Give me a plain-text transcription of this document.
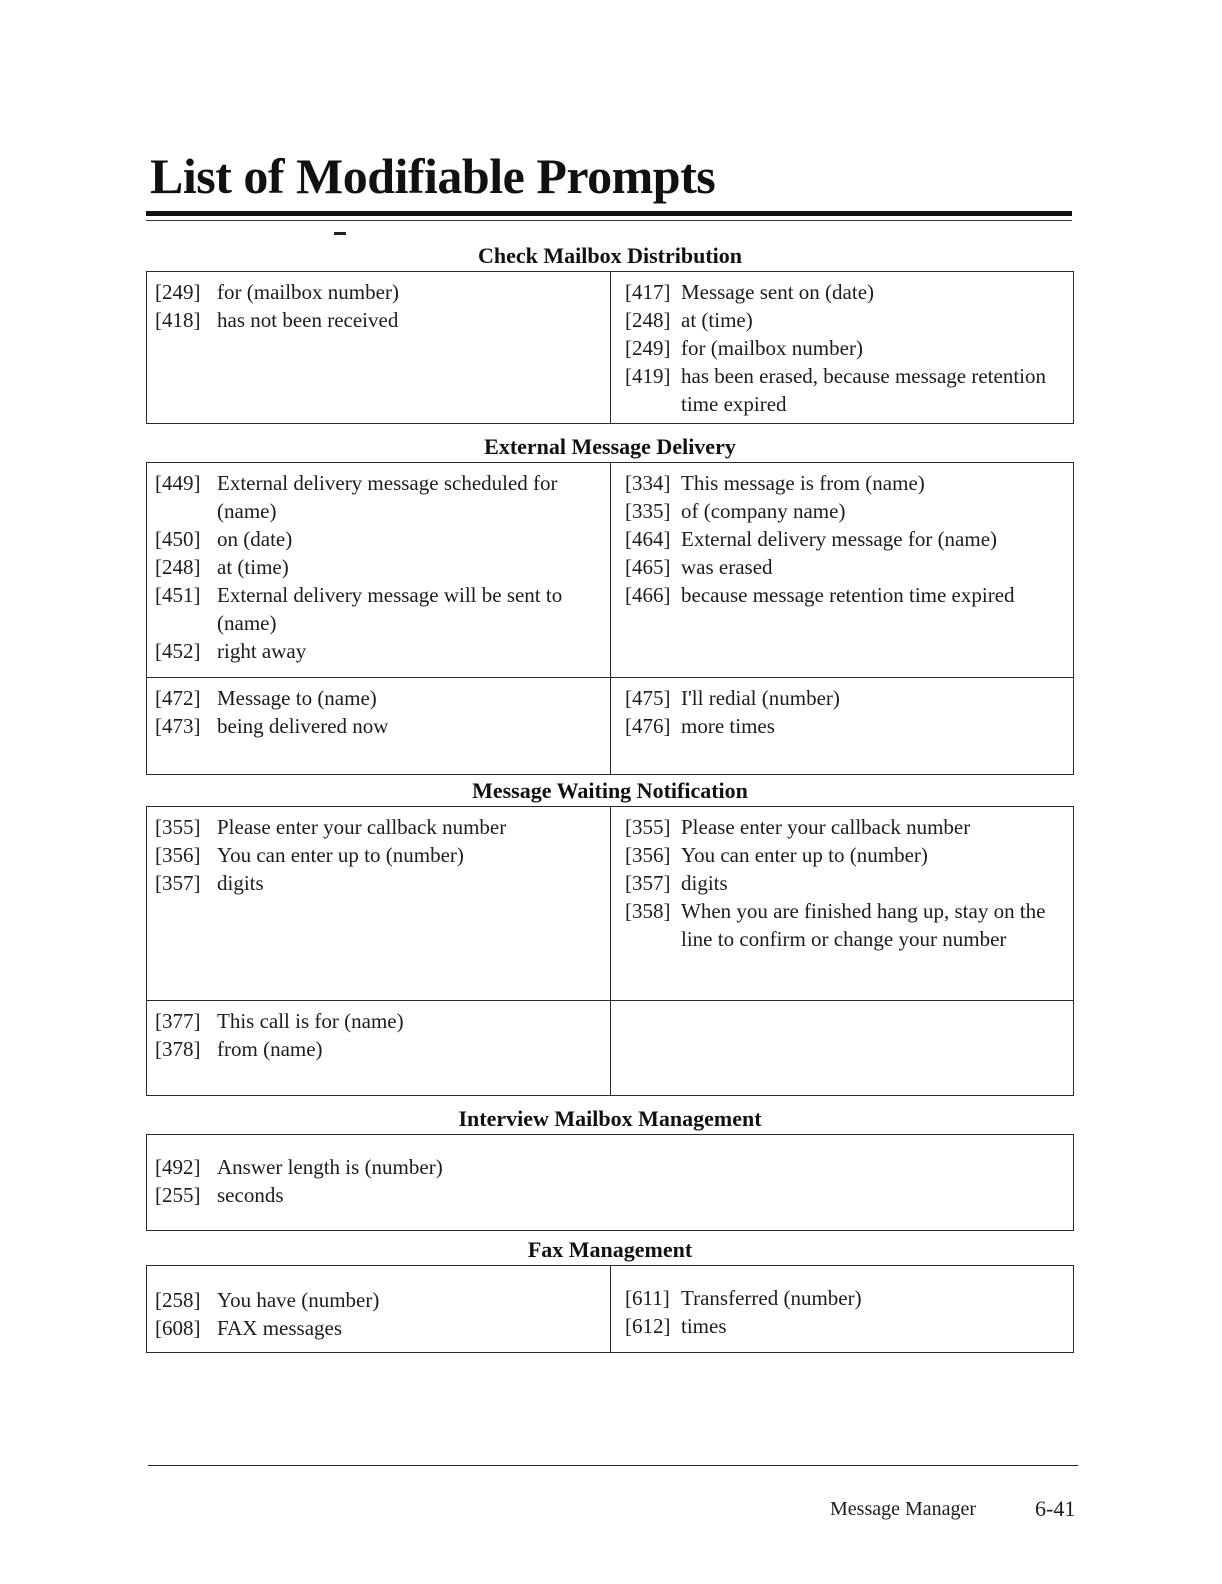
List of Modifiable Prompts
Check Mailbox Distribution
[249] for (mailbox number)
[418] has not been received
[417] Message sent on (date)
[248] at (time)
[249] for (mailbox number)
[419] has been erased, because message retention time expired
External Message Delivery
[449] External delivery message scheduled for (name)
[450] on (date)
[248] at (time)
[451] External delivery message will be sent to (name)
[452] right away
[334] This message is from (name)
[335] of (company name)
[464] External delivery message for (name)
[465] was erased
[466] because message retention time expired
[472] Message to (name)
[473] being delivered now
[475] I'll redial (number)
[476] more times
Message Waiting Notification
[355] Please enter your callback number
[356] You can enter up to (number)
[357] digits
[355] Please enter your callback number
[356] You can enter up to (number)
[357] digits
[358] When you are finished hang up, stay on the line to confirm or change your number
[377] This call is for (name)
[378] from (name)
Interview Mailbox Management
[492] Answer length is (number)
[255] seconds
Fax Management
[258] You have (number)
[608] FAX messages
[611] Transferred (number)
[612] times
Message Manager	6-41
